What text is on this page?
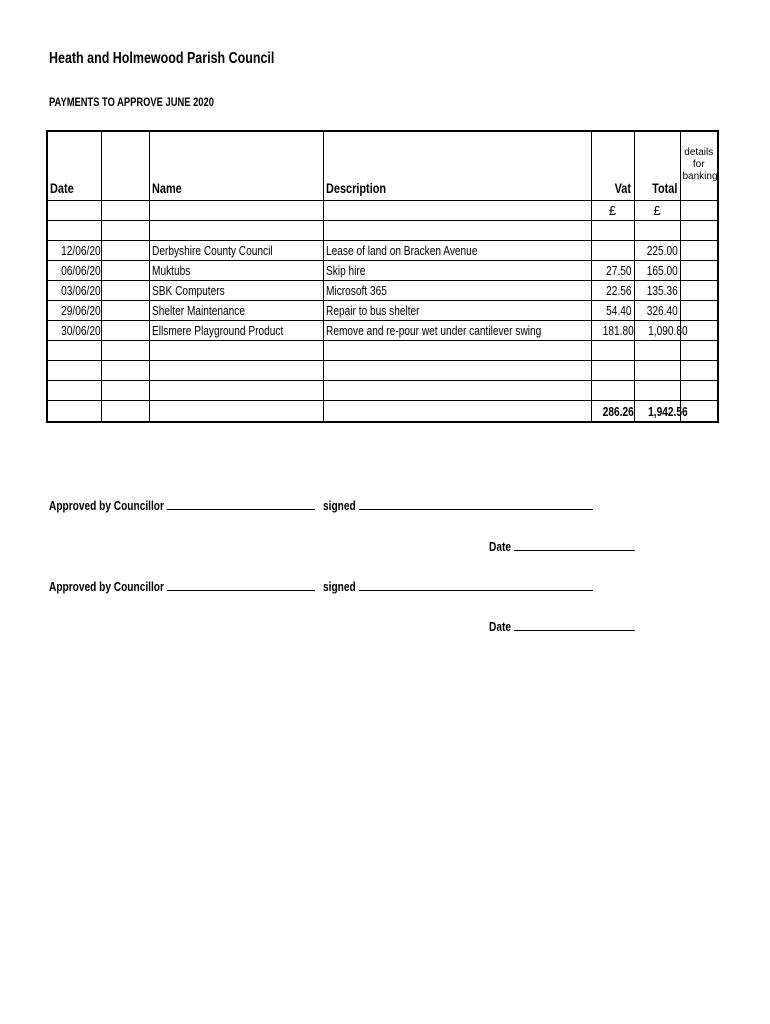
Heath and Holmewood Parish Council
PAYMENTS TO APPROVE JUNE 2020
Date		Name	Description	Vat	Total	details for banking
				£	£	

12/06/20		Derbyshire County Council	Lease of land on Bracken Avenue		225.00	
06/06/20		Muktubs	Skip hire	27.50	165.00	
03/06/20		SBK Computers	Microsoft 365	22.56	135.36	
29/06/20		Shelter Maintenance	Repair to bus shelter	54.40	326.40	
30/06/20		Ellsmere Playground Product	Remove and re-pour wet under cantilever swing	181.80	1,090.80	

				286.26	1,942.56	
Approved by Councillor	signed
Date
Approved by Councillor	signed
Date
